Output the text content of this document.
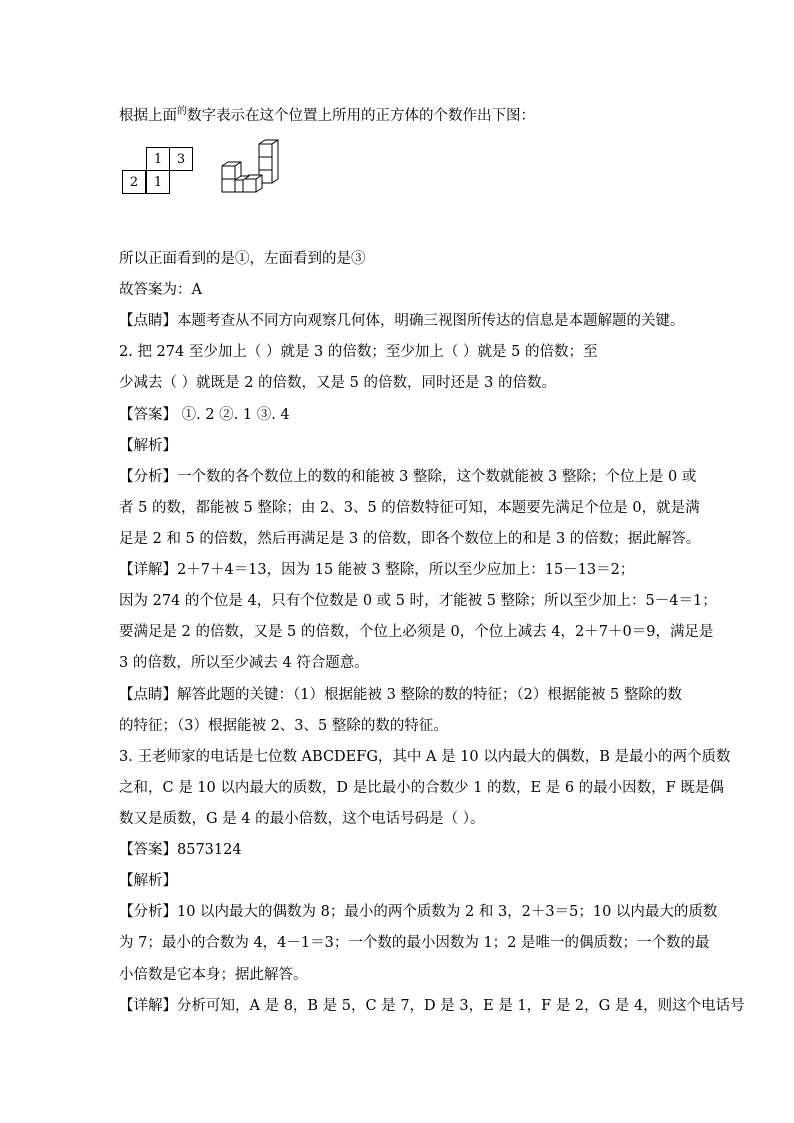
根据上面$^的$数字表示在这个位置上所用的正方体的个数作出下图：
1	3
2	1
所以正面看到的是①，左面看到的是③
故答案为：A
【点睛】本题考查从不同方向观察几何体，明确三视图所传达的信息是本题解题的关键。
2. 把 274 至少加上（ ）就是 3 的倍数；至少加上（ ）就是 5 的倍数；至
少减去（ ）就既是 2 的倍数，又是 5 的倍数，同时还是 3 的倍数。
【答案】 ①. 2 ②. 1 ③. 4
【解析】
【分析】一个数的各个数位上的数的和能被 3 整除，这个数就能被 3 整除；个位上是 0 或
者 5 的数，都能被 5 整除；由 2、3、5 的倍数特征可知，本题要先满足个位是 0，就是满
足是 2 和 5 的倍数，然后再满足是 3 的倍数，即各个数位上的和是 3 的倍数；据此解答。
【详解】2＋7＋4＝13，因为 15 能被 3 整除，所以至少应加上：15－13＝2；
因为 274 的个位是 4，只有个位数是 0 或 5 时，才能被 5 整除；所以至少加上：5－4＝1；
要满足是 2 的倍数，又是 5 的倍数，个位上必须是 0，个位上减去 4，2＋7＋0＝9，满足是
3 的倍数，所以至少减去 4 符合题意。
【点睛】解答此题的关键：（1）根据能被 3 整除的数的特征；（2）根据能被 5 整除的数
的特征；（3）根据能被 2、3、5 整除的数的特征。
3. 王老师家的电话是七位数 ABCDEFG，其中 A 是 10 以内最大的偶数，B 是最小的两个质数
之和，C 是 10 以内最大的质数，D 是比最小的合数少 1 的数，E 是 6 的最小因数，F 既是偶
数又是质数，G 是 4 的最小倍数，这个电话号码是（ ）。
【答案】8573124
【解析】
【分析】10 以内最大的偶数为 8；最小的两个质数为 2 和 3，2＋3＝5；10 以内最大的质数
为 7；最小的合数为 4，4－1＝3；一个数的最小因数为 1；2 是唯一的偶质数；一个数的最
小倍数是它本身；据此解答。
【详解】分析可知，A 是 8，B 是 5，C 是 7，D 是 3，E 是 1，F 是 2，G 是 4，则这个电话号
